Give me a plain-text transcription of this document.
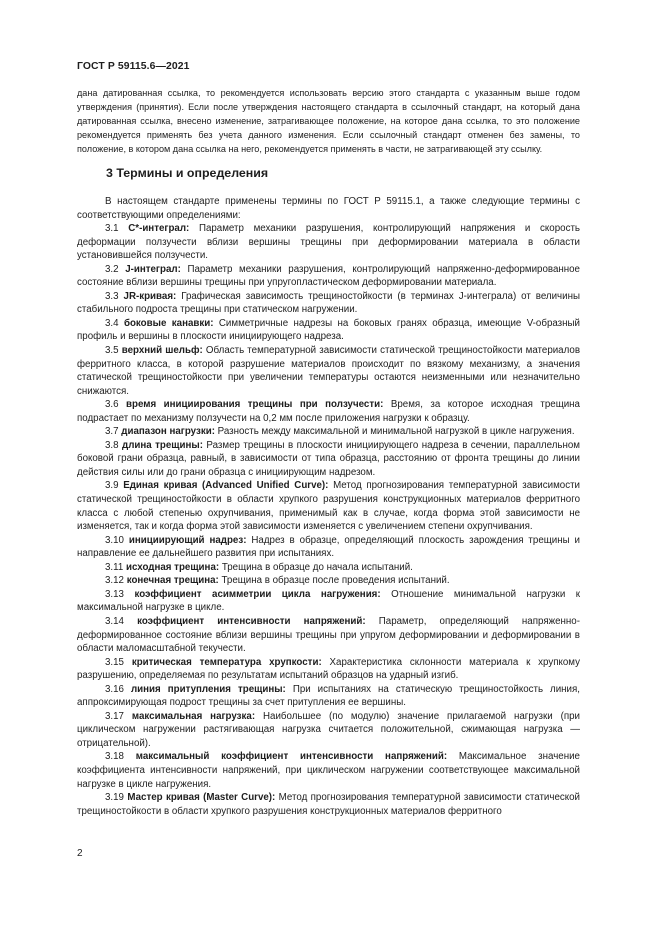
ГОСТ Р 59115.6—2021
дана датированная ссылка, то рекомендуется использовать версию этого стандарта с указанным выше годом утверждения (принятия). Если после утверждения настоящего стандарта в ссылочный стандарт, на который дана датированная ссылка, внесено изменение, затрагивающее положение, на которое дана ссылка, то это положение рекомендуется применять без учета данного изменения. Если ссылочный стандарт отменен без замены, то положение, в котором дана ссылка на него, рекомендуется применять в части, не затрагивающей эту ссылку.
3 Термины и определения

В настоящем стандарте применены термины по ГОСТ Р 59115.1, а также следующие термины с соответствующими определениями:

3.1 C*-интеграл: Параметр механики разрушения, контролирующий напряжения и скорость деформации ползучести вблизи вершины трещины при деформировании материала в области установившейся ползучести.

3.2 J-интеграл: Параметр механики разрушения, контролирующий напряженно-деформированное состояние вблизи вершины трещины при упругопластическом деформировании материала.

3.3 JR-кривая: Графическая зависимость трещиностойкости (в терминах J-интеграла) от величины стабильного подроста трещины при статическом нагружении.

3.4 боковые канавки: Симметричные надрезы на боковых гранях образца, имеющие V-образный профиль и вершины в плоскости инициирующего надреза.

3.5 верхний шельф: Область температурной зависимости статической трещиностойкости материалов ферритного класса, в которой разрушение материалов происходит по вязкому механизму, а значения статической трещиностойкости при увеличении температуры остаются неизменными или незначительно снижаются.

3.6 время инициирования трещины при ползучести: Время, за которое исходная трещина подрастает по механизму ползучести на 0,2 мм после приложения нагрузки к образцу.

3.7 диапазон нагрузки: Разность между максимальной и минимальной нагрузкой в цикле нагружения.

3.8 длина трещины: Размер трещины в плоскости инициирующего надреза в сечении, параллельном боковой грани образца, равный, в зависимости от типа образца, расстоянию от фронта трещины до линии действия силы или до грани образца с инициирующим надрезом.

3.9 Единая кривая (Advanced Unified Curve): Метод прогнозирования температурной зависимости статической трещиностойкости в области хрупкого разрушения конструкционных материалов ферритного класса с любой степенью охрупчивания, применимый как в случае, когда форма этой зависимости не изменяется, так и когда форма этой зависимости изменяется с увеличением степени охрупчивания.

3.10 инициирующий надрез: Надрез в образце, определяющий плоскость зарождения трещины и направление ее дальнейшего развития при испытаниях.

3.11 исходная трещина: Трещина в образце до начала испытаний.

3.12 конечная трещина: Трещина в образце после проведения испытаний.

3.13 коэффициент асимметрии цикла нагружения: Отношение минимальной нагрузки к максимальной нагрузке в цикле.

3.14 коэффициент интенсивности напряжений: Параметр, определяющий напряженно-деформированное состояние вблизи вершины трещины при упругом деформировании и деформировании в области маломасштабной текучести.

3.15 критическая температура хрупкости: Характеристика склонности материала к хрупкому разрушению, определяемая по результатам испытаний образцов на ударный изгиб.

3.16 линия притупления трещины: При испытаниях на статическую трещиностойкость линия, аппроксимирующая подрост трещины за счет притупления ее вершины.

3.17 максимальная нагрузка: Наибольшее (по модулю) значение прилагаемой нагрузки (при циклическом нагружении растягивающая нагрузка считается положительной, сжимающая нагрузка — отрицательной).

3.18 максимальный коэффициент интенсивности напряжений: Максимальное значение коэффициента интенсивности напряжений, при циклическом нагружении соответствующее максимальной нагрузке в цикле нагружения.

3.19 Мастер кривая (Master Curve): Метод прогнозирования температурной зависимости статической трещиностойкости в области хрупкого разрушения конструкционных материалов ферритного

2
